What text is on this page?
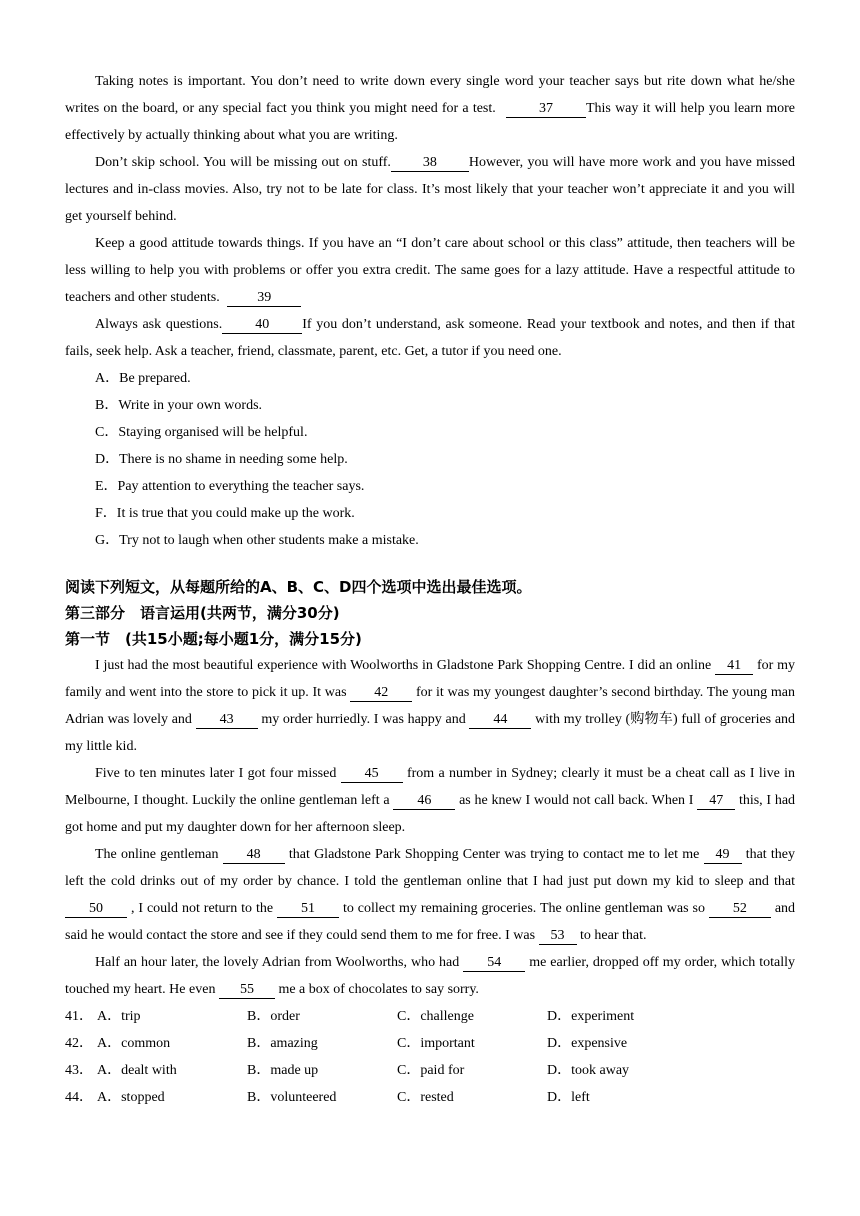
Taking notes is important. You don’t need to write down every single word your teacher says but rite down what he/she writes on the board, or any special fact you think you might need for a test.	37 This way it will help you learn more effectively by actually thinking about what you are writing.
Don’t skip school. You will be missing out on stuff. 38 However, you will have more work and you have missed lectures and in-class movies. Also, try not to be late for class. It’s most likely that your teacher won’t appreciate it and you will get yourself behind.
Keep a good attitude towards things. If you have an “I don’t care about school or this class” attitude, then teachers will be less willing to help you with problems or offer you extra credit. The same goes for a lazy attitude. Have a respectful attitude to teachers and other students.	39
Always ask questions. 40 If you don’t understand, ask someone. Read your textbook and notes, and then if that fails, seek help. Ask a teacher, friend, classmate, parent, etc. Get, a tutor if you need one.
A．Be prepared.
B．Write in your own words.
C．Staying organised will be helpful.
D．There is no shame in needing some help.
E．Pay attention to everything the teacher says.
F．It is true that you could make up the work.
G．Try not to laugh when other students make a mistake.
阅读下列短文，从每题所给的A、B、C、D四个选项中选出最佳选项。
第三部分　语言运用(共两节，满分30分)
第一节　(共15小题;每小题1分，满分15分)
I just had the most beautiful experience with Woolworths in Gladstone Park Shopping Centre. I did an online 41 for my family and went into the store to pick it up. It was 42 for it was my youngest daughter’s second birthday. The young man Adrian was lovely and 43 my order hurriedly. I was happy and 44 with my trolley (购物车) full of groceries and my little kid.
Five to ten minutes later I got four missed 45 from a number in Sydney; clearly it must be a cheat call as I live in Melbourne, I thought. Luckily the online gentleman left a 46 as he knew I would not call back. When I 47 this, I had got home and put my daughter down for her afternoon sleep.
The online gentleman 48 that Gladstone Park Shopping Center was trying to contact me to let me 49 that they left the cold drinks out of my order by chance. I told the gentleman online that I had just put down my kid to sleep and that 50 , I could not return to the 51 to collect my remaining groceries. The online gentleman was so 52 and said he would contact the store and see if they could send them to me for free. I was 53 to hear that.
Half an hour later, the lovely Adrian from Woolworths, who had 54 me earlier, dropped off my order, which totally touched my heart. He even 55 me a box of chocolates to say sorry.
41． A．trip	B．order	C．challenge	D．experiment
42． A．common	B．amazing	C．important	D．expensive
43． A．dealt with	B．made up	C．paid for	D．took away
44． A．stopped	B．volunteered	C．rested	D．left
